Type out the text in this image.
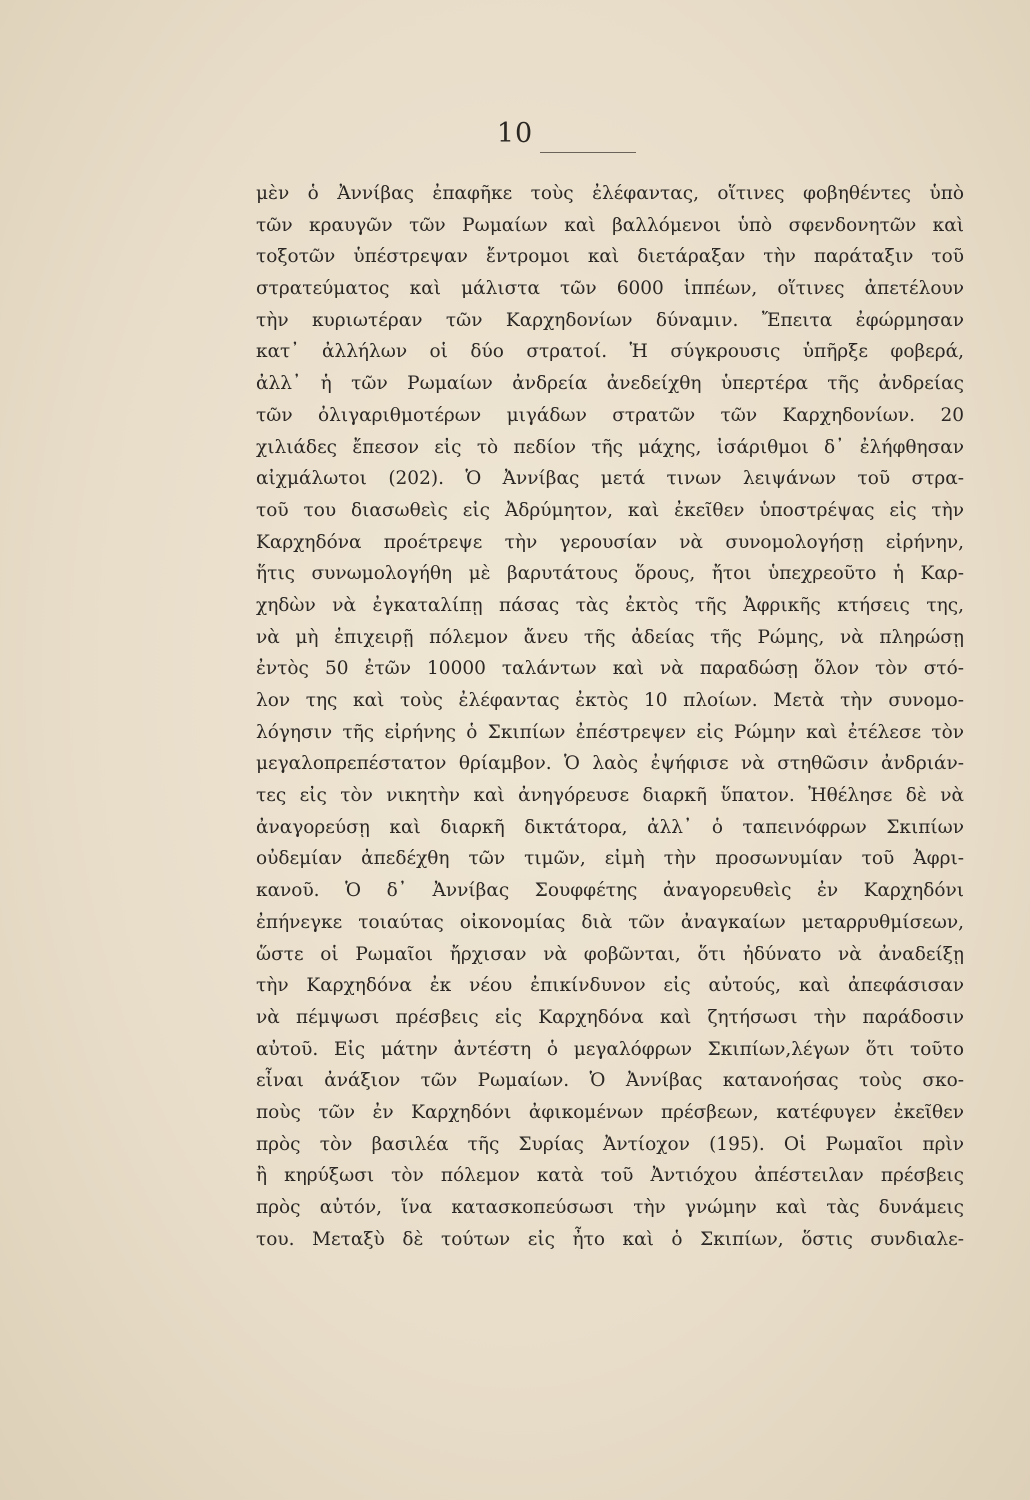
10
μὲν ὁ Ἀννίβας ἐπαφῆκε τοὺς ἐλέφαντας, οἵτινες φοβηθέντες ὑπὸ
τῶν κραυγῶν τῶν Ρωμαίων καὶ βαλλόμενοι ὑπὸ σφενδονητῶν καὶ
τοξοτῶν ὑπέστρεψαν ἔντρομοι καὶ διετάραξαν τὴν παράταξιν τοῦ
στρατεύματος καὶ μάλιστα τῶν 6000 ἱππέων, οἵτινες ἀπετέλουν
τὴν κυριωτέραν τῶν Καρχηδονίων δύναμιν. Ἔπειτα ἐφώρμησαν
κατ᾽ ἀλλήλων οἱ δύο στρατοί. Ἡ σύγκρουσις ὑπῆρξε φοβερά,
ἀλλ᾽ ἡ τῶν Ρωμαίων ἀνδρεία ἀνεδείχθη ὑπερτέρα τῆς ἀνδρείας
τῶν ὀλιγαριθμοτέρων μιγάδων στρατῶν τῶν Καρχηδονίων. 20
χιλιάδες ἔπεσον εἰς τὸ πεδίον τῆς μάχης, ἰσάριθμοι δ᾽ ἐλήφθησαν
αἰχμάλωτοι (202). Ὁ Ἀννίβας μετά τινων λειψάνων τοῦ στρα-
τοῦ του διασωθεὶς εἰς Ἀδρύμητον, καὶ ἐκεῖθεν ὑποστρέψας εἰς τὴν
Καρχηδόνα προέτρεψε τὴν γερουσίαν νὰ συνομολογήσῃ εἰρήνην,
ἥτις συνωμολογήθη μὲ βαρυτάτους ὅρους, ἤτοι ὑπεχρεοῦτο ἡ Καρ-
χηδὼν νὰ ἐγκαταλίπῃ πάσας τὰς ἐκτὸς τῆς Ἀφρικῆς κτήσεις της,
νὰ μὴ ἐπιχειρῇ πόλεμον ἄνευ τῆς ἀδείας τῆς Ρώμης, νὰ πληρώσῃ
ἐντὸς 50 ἐτῶν 10000 ταλάντων καὶ νὰ παραδώσῃ ὅλον τὸν στό-
λον της καὶ τοὺς ἐλέφαντας ἐκτὸς 10 πλοίων. Μετὰ τὴν συνομο-
λόγησιν τῆς εἰρήνης ὁ Σκιπίων ἐπέστρεψεν εἰς Ρώμην καὶ ἐτέλεσε τὸν
μεγαλοπρεπέστατον θρίαμβον. Ὁ λαὸς ἐψήφισε νὰ στηθῶσιν ἀνδριάν-
τες εἰς τὸν νικητὴν καὶ ἀνηγόρευσε διαρκῆ ὕπατον. Ἠθέλησε δὲ νὰ
ἀναγορεύσῃ καὶ διαρκῆ δικτάτορα, ἀλλ᾽ ὁ ταπεινόφρων Σκιπίων
οὐδεμίαν ἀπεδέχθη τῶν τιμῶν, εἰμὴ τὴν προσωνυμίαν τοῦ Ἀφρι-
κανοῦ. Ὁ δ᾽ Ἀννίβας Σουφφέτης ἀναγορευθεὶς ἐν Καρχηδόνι
ἐπήνεγκε τοιαύτας οἰκονομίας διὰ τῶν ἀναγκαίων μεταρρυθμίσεων,
ὥστε οἱ Ρωμαῖοι ἤρχισαν νὰ φοβῶνται, ὅτι ἠδύνατο νὰ ἀναδείξῃ
τὴν Καρχηδόνα ἐκ νέου ἐπικίνδυνον εἰς αὐτούς, καὶ ἀπεφάσισαν
νὰ πέμψωσι πρέσβεις εἰς Καρχηδόνα καὶ ζητήσωσι τὴν παράδοσιν
αὐτοῦ. Εἰς μάτην ἀντέστη ὁ μεγαλόφρων Σκιπίων,λέγων ὅτι τοῦτο
εἶναι ἀνάξιον τῶν Ρωμαίων. Ὁ Ἀννίβας κατανοήσας τοὺς σκο-
ποὺς τῶν ἐν Καρχηδόνι ἀφικομένων πρέσβεων, κατέφυγεν ἐκεῖθεν
πρὸς τὸν βασιλέα τῆς Συρίας Ἀντίοχον (195). Οἱ Ρωμαῖοι πρὶν
ἢ κηρύξωσι τὸν πόλεμον κατὰ τοῦ Ἀντιόχου ἀπέστειλαν πρέσβεις
πρὸς αὐτόν, ἵνα κατασκοπεύσωσι τὴν γνώμην καὶ τὰς δυνάμεις
του. Μεταξὺ δὲ τούτων εἰς ἦτο καὶ ὁ Σκιπίων, ὅστις συνδιαλε-
